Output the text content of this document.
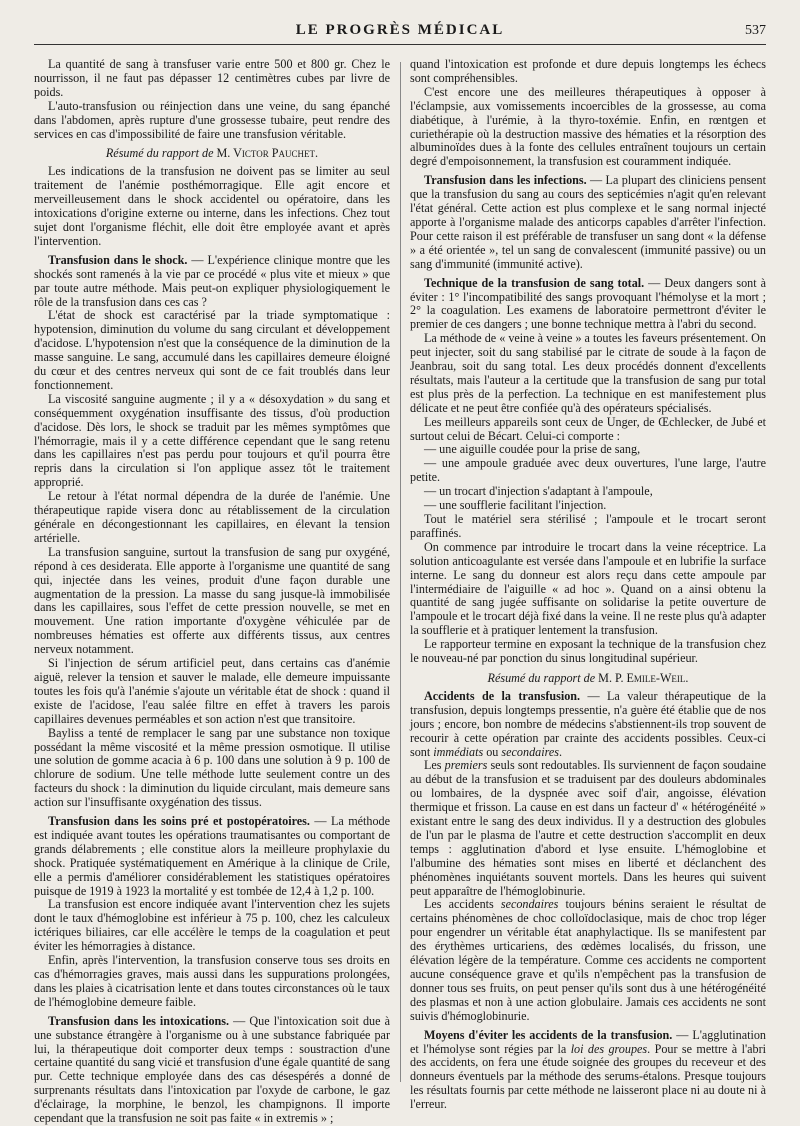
LE PROGRÈS MÉDICAL	537

La quantité de sang à transfuser varie entre 500 et 800 gr. Chez le nourrisson, il ne faut pas dépasser 12 centimètres cubes par livre de poids.

L'auto-transfusion ou réinjection dans une veine, du sang épanché dans l'abdomen, après rupture d'une grossesse tubaire, peut rendre des services en cas d'impossibilité de faire une transfusion véritable.

Résumé du rapport de M. Victor Pauchet.

Les indications de la transfusion ne doivent pas se limiter au seul traitement de l'anémie posthémorragique. Elle agit encore et merveilleusement dans le shock accidentel ou opératoire, dans les intoxications d'origine externe ou interne, dans les infections. Chez tout sujet dont l'organisme fléchit, elle doit être employée avant et après l'intervention.

Transfusion dans le shock. — L'expérience clinique montre que les shockés sont ramenés à la vie par ce procédé « plus vite et mieux » que par toute autre méthode. Mais peut-on expliquer physiologiquement le rôle de la transfusion dans ces cas ?

L'état de shock est caractérisé par la triade symptomatique : hypotension, diminution du volume du sang circulant et développement d'acidose. L'hypotension n'est que la conséquence de la diminution de la masse sanguine. Le sang, accumulé dans les capillaires demeure éloigné du cœur et des centres nerveux qui sont de ce fait troublés dans leur fonctionnement.

La viscosité sanguine augmente ; il y a « désoxydation » du sang et conséquemment oxygénation insuffisante des tissus, d'où production d'acidose. Dès lors, le shock se traduit par les mêmes symptômes que l'hémorragie, mais il y a cette différence cependant que le sang retenu dans les capillaires n'est pas perdu pour toujours et qu'il pourra être repris dans la circulation si l'on applique assez tôt le traitement approprié.

Le retour à l'état normal dépendra de la durée de l'anémie. Une thérapeutique rapide visera donc au rétablissement de la circulation générale en décongestionnant les capillaires, en élevant la tension artérielle.

La transfusion sanguine, surtout la transfusion de sang pur oxygéné, répond à ces desiderata. Elle apporte à l'organisme une quantité de sang qui, injectée dans les veines, produit d'une façon durable une augmentation de la pression. La masse du sang jusque-là immobilisée dans les capillaires, sous l'effet de cette pression nouvelle, se met en mouvement. Une ration importante d'oxygène véhiculée par de nombreuses hématies est offerte aux différents tissus, aux centres nerveux notamment.

Si l'injection de sérum artificiel peut, dans certains cas d'anémie aiguë, relever la tension et sauver le malade, elle demeure impuissante toutes les fois qu'à l'anémie s'ajoute un véritable état de shock : quand il existe de l'acidose, l'eau salée filtre en effet à travers les parois capillaires devenues perméables et son action n'est que transitoire.

Bayliss a tenté de remplacer le sang par une substance non toxique possédant la même viscosité et la même pression osmotique. Il utilise une solution de gomme acacia à 6 p. 100 dans une solution à 9 p. 100 de chlorure de sodium. Une telle méthode lutte seulement contre un des facteurs du shock : la diminution du liquide circulant, mais demeure sans action sur l'insuffisante oxygénation des tissus.

Transfusion dans les soins pré et postopératoires. — La méthode est indiquée avant toutes les opérations traumatisantes ou comportant de grands délabrements ; elle constitue alors la meilleure prophylaxie du shock. Pratiquée systématiquement en Amérique à la clinique de Crile, elle a permis d'améliorer considérablement les statistiques opératoires puisque de 1919 à 1923 la mortalité y est tombée de 12,4 à 1,2 p. 100.

La transfusion est encore indiquée avant l'intervention chez les sujets dont le taux d'hémoglobine est inférieur à 75 p. 100, chez les calculeux ictériques biliaires, car elle accélère le temps de la coagulation et peut éviter les hémorragies à distance.

Enfin, après l'intervention, la transfusion conserve tous ses droits en cas d'hémorragies graves, mais aussi dans les suppurations prolongées, dans les plaies à cicatrisation lente et dans toutes circonstances où le taux de l'hémoglobine demeure faible.

Transfusion dans les intoxications. — Que l'intoxication soit due à une substance étrangère à l'organisme ou à une substance fabriquée par lui, la thérapeutique doit comporter deux temps : soustraction d'une certaine quantité du sang vicié et transfusion d'une égale quantité de sang pur. Cette technique employée dans des cas désespérés a donné de surprenants résultats dans l'intoxication par l'oxyde de carbone, le gaz d'éclairage, la morphine, le benzol, les champignons. Il importe cependant que la transfusion ne soit pas faite « in extremis » ;

quand l'intoxication est profonde et dure depuis longtemps les échecs sont compréhensibles.

C'est encore une des meilleures thérapeutiques à opposer à l'éclampsie, aux vomissements incoercibles de la grossesse, au coma diabétique, à l'urémie, à la thyro-toxémie. Enfin, en rœntgen et curiethérapie où la destruction massive des hématies et la résorption des albuminoïdes dues à la fonte des cellules entraînent toujours un certain degré d'empoisonnement, la transfusion est couramment indiquée.

Transfusion dans les infections. — La plupart des cliniciens pensent que la transfusion du sang au cours des septicémies n'agit qu'en relevant l'état général. Cette action est plus complexe et le sang normal injecté apporte à l'organisme malade des anticorps capables d'arrêter l'infection. Pour cette raison il est préférable de transfuser un sang dont « la défense » a été orientée », tel un sang de convalescent (immunité passive) ou un sang d'immunité (immunité active).

Technique de la transfusion de sang total. — Deux dangers sont à éviter : 1° l'incompatibilité des sangs provoquant l'hémolyse et la mort ; 2° la coagulation. Les examens de laboratoire permettront d'éviter le premier de ces dangers ; une bonne technique mettra à l'abri du second.

La méthode de « veine à veine » a toutes les faveurs présentement. On peut injecter, soit du sang stabilisé par le citrate de soude à la façon de Jeanbrau, soit du sang total. Les deux procédés donnent d'excellents résultats, mais l'auteur a la certitude que la transfusion de sang pur total est plus près de la perfection. La technique en est manifestement plus délicate et ne peut être confiée qu'à des opérateurs spécialisés.

Les meilleurs appareils sont ceux de Unger, de Œchlecker, de Jubé et surtout celui de Bécart. Celui-ci comporte :

— une aiguille coudée pour la prise de sang,

— une ampoule graduée avec deux ouvertures, l'une large, l'autre petite.

— un trocart d'injection s'adaptant à l'ampoule,

— une soufflerie facilitant l'injection.

Tout le matériel sera stérilisé ; l'ampoule et le trocart seront paraffinés.

On commence par introduire le trocart dans la veine réceptrice. La solution anticoagulante est versée dans l'ampoule et en lubrifie la surface interne. Le sang du donneur est alors reçu dans cette ampoule par l'intermédiaire de l'aiguille « ad hoc ». Quand on a ainsi obtenu la quantité de sang jugée suffisante on solidarise la petite ouverture de l'ampoule et le trocart déjà fixé dans la veine. Il ne reste plus qu'à adapter la soufflerie et à pratiquer lentement la transfusion.

Le rapporteur termine en exposant la technique de la transfusion chez le nouveau-né par ponction du sinus longitudinal supérieur.

Résumé du rapport de M. P. Emile-Weil.

Accidents de la transfusion. — La valeur thérapeutique de la transfusion, depuis longtemps pressentie, n'a guère été établie que de nos jours ; encore, bon nombre de médecins s'abstiennent-ils trop souvent de recourir à cette opération par crainte des accidents possibles. Ceux-ci sont immédiats ou secondaires.

Les premiers seuls sont redoutables. Ils surviennent de façon soudaine au début de la transfusion et se traduisent par des douleurs abdominales ou lombaires, de la dyspnée avec soif d'air, angoisse, élévation thermique et frisson. La cause en est dans un facteur d' « hétérogénéité » existant entre le sang des deux individus. Il y a destruction des globules de l'un par le plasma de l'autre et cette destruction s'accomplit en deux temps : agglutination d'abord et lyse ensuite. L'hémoglobine et l'albumine des hématies sont mises en liberté et déclanchent des phénomènes inquiétants souvent mortels. Dans les heures qui suivent peut apparaître de l'hémoglobinurie.

Les accidents secondaires toujours bénins seraient le résultat de certains phénomènes de choc colloïdoclasique, mais de choc trop léger pour engendrer un véritable état anaphylactique. Ils se manifestent par des érythèmes urticariens, des œdèmes localisés, du frisson, une élévation légère de la température. Comme ces accidents ne comportent aucune conséquence grave et qu'ils n'empêchent pas la transfusion de donner tous ses fruits, on peut penser qu'ils sont dus à une hétérogénéité des plasmas et non à une action globulaire. Jamais ces accidents ne sont suivis d'hémoglobinurie.

Moyens d'éviter les accidents de la transfusion. — L'agglutination et l'hémolyse sont régies par la loi des groupes. Pour se mettre à l'abri des accidents, on fera une étude soignée des groupes du receveur et des donneurs éventuels par la méthode des serums-étalons. Presque toujours les résultats fournis par cette méthode ne laisseront place ni au doute ni à l'erreur.
